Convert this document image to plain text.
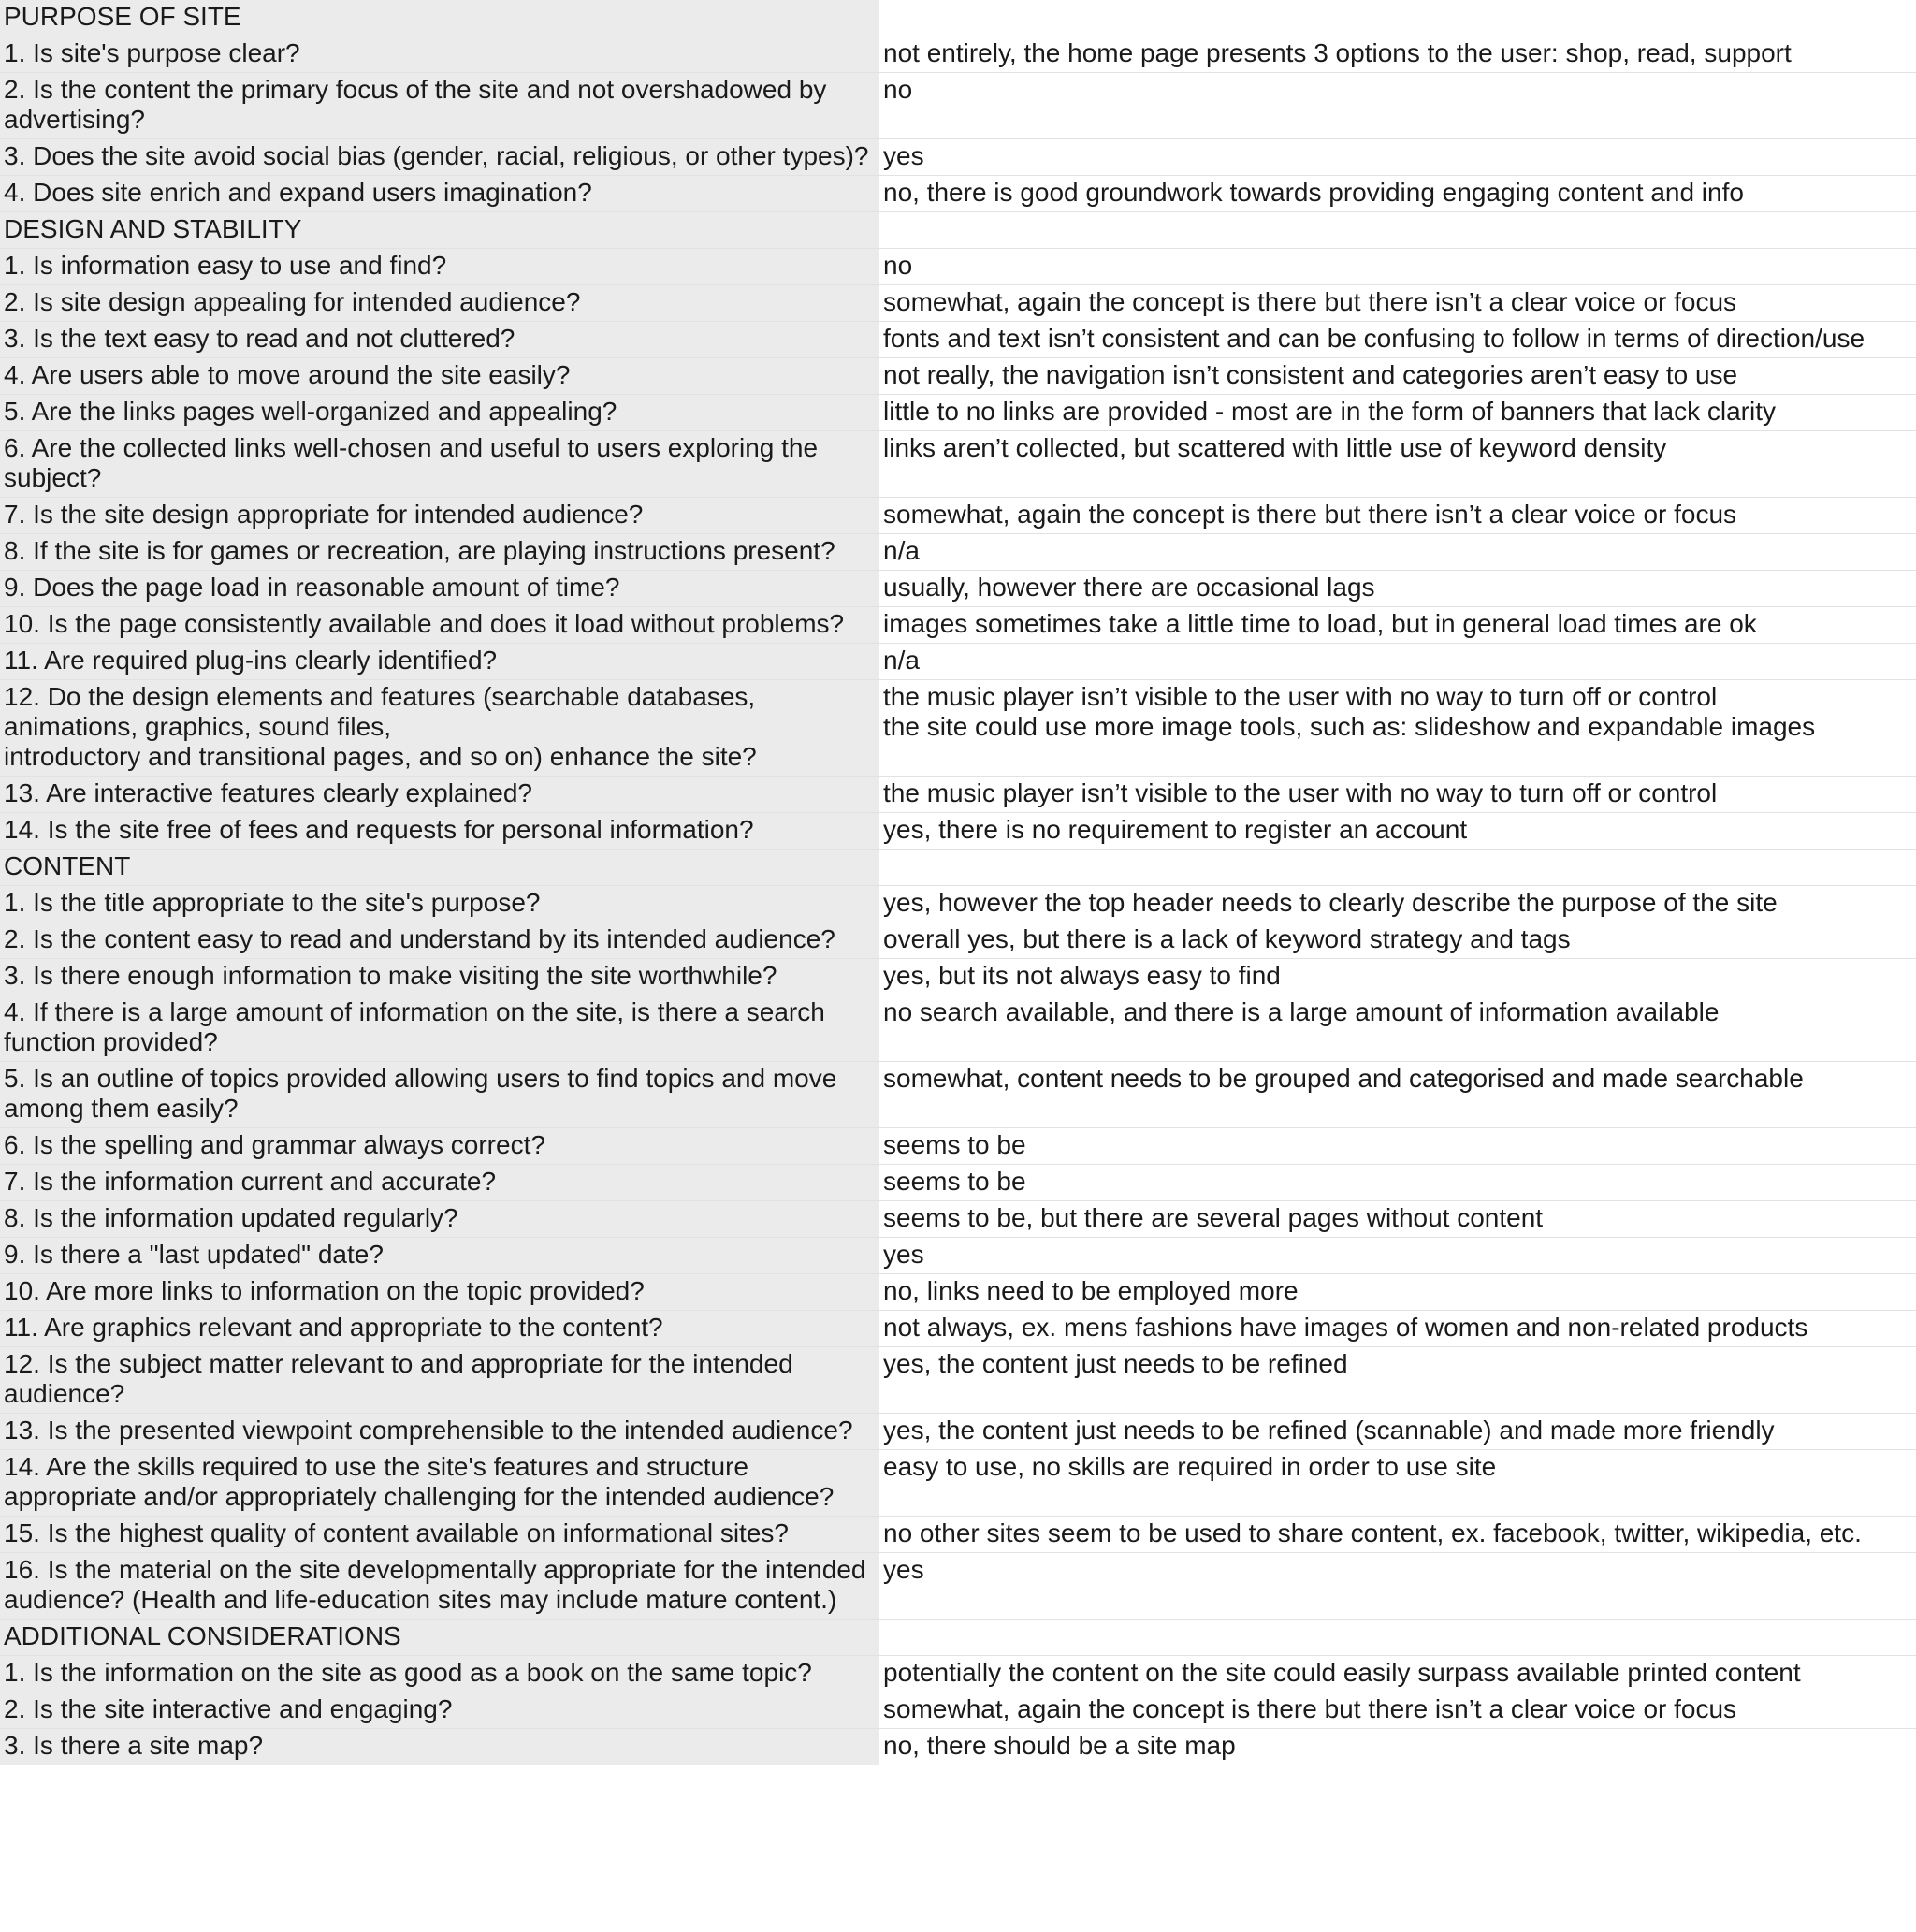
PURPOSE OF SITE	
1. Is site's purpose clear?	not entirely, the home page presents 3 options to the user: shop, read, support
2. Is the content the primary focus of the site and not overshadowed by advertising?	no
3. Does the site avoid social bias (gender, racial, religious, or other types)?	yes
4. Does site enrich and expand users imagination?	no, there is good groundwork towards providing engaging content and info
DESIGN AND STABILITY	
1. Is information easy to use and find?	no
2. Is site design appealing for intended audience?	somewhat, again the concept is there but there isn’t a clear voice or focus
3. Is the text easy to read and not cluttered?	fonts and text isn’t consistent and can be confusing to follow in terms of direction/use
4. Are users able to move around the site easily?	not really, the navigation isn’t consistent and categories aren’t easy to use
5. Are the links pages well-organized and appealing?	little to no links are provided - most are in the form of banners that lack clarity
6. Are the collected links well-chosen and useful to users exploring the subject?	links aren’t collected, but scattered with little use of keyword density
7. Is the site design appropriate for intended audience?	somewhat, again the concept is there but there isn’t a clear voice or focus
8. If the site is for games or recreation, are playing instructions present?	n/a
9. Does the page load in reasonable amount of time?	usually, however there are occasional lags
10. Is the page consistently available and does it load without problems?	images sometimes take a little time to load, but in general load times are ok
11. Are required plug-ins clearly identified?	n/a
12. Do the design elements and features (searchable databases, animations, graphics, sound files,
introductory and transitional pages, and so on) enhance the site?	the music player isn’t visible to the user with no way to turn off or control
the site could use more image tools, such as: slideshow and expandable images
13. Are interactive features clearly explained?	the music player isn’t visible to the user with no way to turn off or control
14. Is the site free of fees and requests for personal information?	yes, there is no requirement to register an account
CONTENT	
1. Is the title appropriate to the site's purpose?	yes, however the top header needs to clearly describe the purpose of the site
2. Is the content easy to read and understand by its intended audience?	overall yes, but there is a lack of keyword strategy and tags
3. Is there enough information to make visiting the site worthwhile?	yes, but its not always easy to find
4. If there is a large amount of information on the site, is there a search function provided?	no search available, and there is a large amount of information available
5. Is an outline of topics provided allowing users to find topics and move among them easily?	somewhat, content needs to be grouped and categorised and made searchable
6. Is the spelling and grammar always correct?	seems to be
7. Is the information current and accurate?	seems to be
8. Is the information updated regularly?	seems to be, but there are several pages without content
9. Is there a "last updated" date?	yes
10. Are more links to information on the topic provided?	no, links need to be employed more
11. Are graphics relevant and appropriate to the content?	not always, ex. mens fashions have images of women and non-related products
12. Is the subject matter relevant to and appropriate for the intended audience?	yes, the content just needs to be refined
13. Is the presented viewpoint comprehensible to the intended audience?	yes, the content just needs to be refined (scannable) and made more friendly
14. Are the skills required to use the site's features and structure appropriate and/or appropriately challenging for the intended audience?	easy to use, no skills are required in order to use site
15. Is the highest quality of content available on informational sites?	no other sites seem to be used to share content, ex. facebook, twitter, wikipedia, etc.
16. Is the material on the site developmentally appropriate for the intended audience? (Health and life-education sites may include mature content.)	yes
ADDITIONAL CONSIDERATIONS	
1. Is the information on the site as good as a book on the same topic?	potentially the content on the site could easily surpass available printed content
2. Is the site interactive and engaging?	somewhat, again the concept is there but there isn’t a clear voice or focus
3. Is there a site map?	no, there should be a site map
